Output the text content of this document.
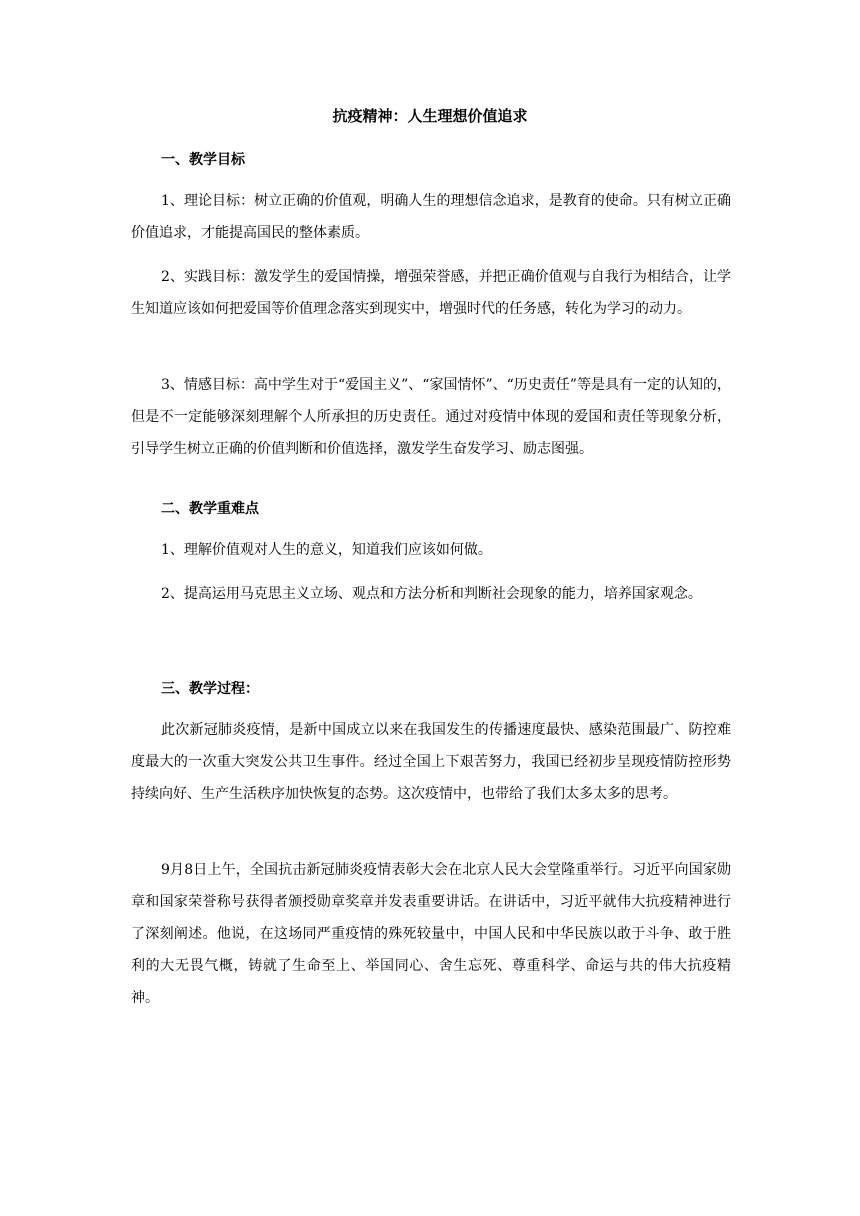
抗疫精神：人生理想价值追求
一、教学目标
1、理论目标：树立正确的价值观，明确人生的理想信念追求，是教育的使命。只有树立正确价值追求，才能提高国民的整体素质。
2、实践目标：激发学生的爱国情操，增强荣誉感，并把正确价值观与自我行为相结合，让学生知道应该如何把爱国等价值理念落实到现实中，增强时代的任务感，转化为学习的动力。
3、情感目标：高中学生对于“爱国主义”、“家国情怀”、“历史责任”等是具有一定的认知的，但是不一定能够深刻理解个人所承担的历史责任。通过对疫情中体现的爱国和责任等现象分析，引导学生树立正确的价值判断和价值选择，激发学生奋发学习、励志图强。
二、教学重难点
1、理解价值观对人生的意义，知道我们应该如何做。
2、提高运用马克思主义立场、观点和方法分析和判断社会现象的能力，培养国家观念。
三、教学过程：
此次新冠肺炎疫情，是新中国成立以来在我国发生的传播速度最快、感染范围最广、防控难度最大的一次重大突发公共卫生事件。经过全国上下艰苦努力，我国已经初步呈现疫情防控形势持续向好、生产生活秩序加快恢复的态势。这次疫情中，也带给了我们太多太多的思考。
9月8日上午，全国抗击新冠肺炎疫情表彰大会在北京人民大会堂隆重举行。习近平向国家勋章和国家荣誉称号获得者颁授勋章奖章并发表重要讲话。在讲话中，习近平就伟大抗疫精神进行了深刻阐述。他说，在这场同严重疫情的殊死较量中，中国人民和中华民族以敢于斗争、敢于胜利的大无畏气概，铸就了生命至上、举国同心、舍生忘死、尊重科学、命运与共的伟大抗疫精神。
